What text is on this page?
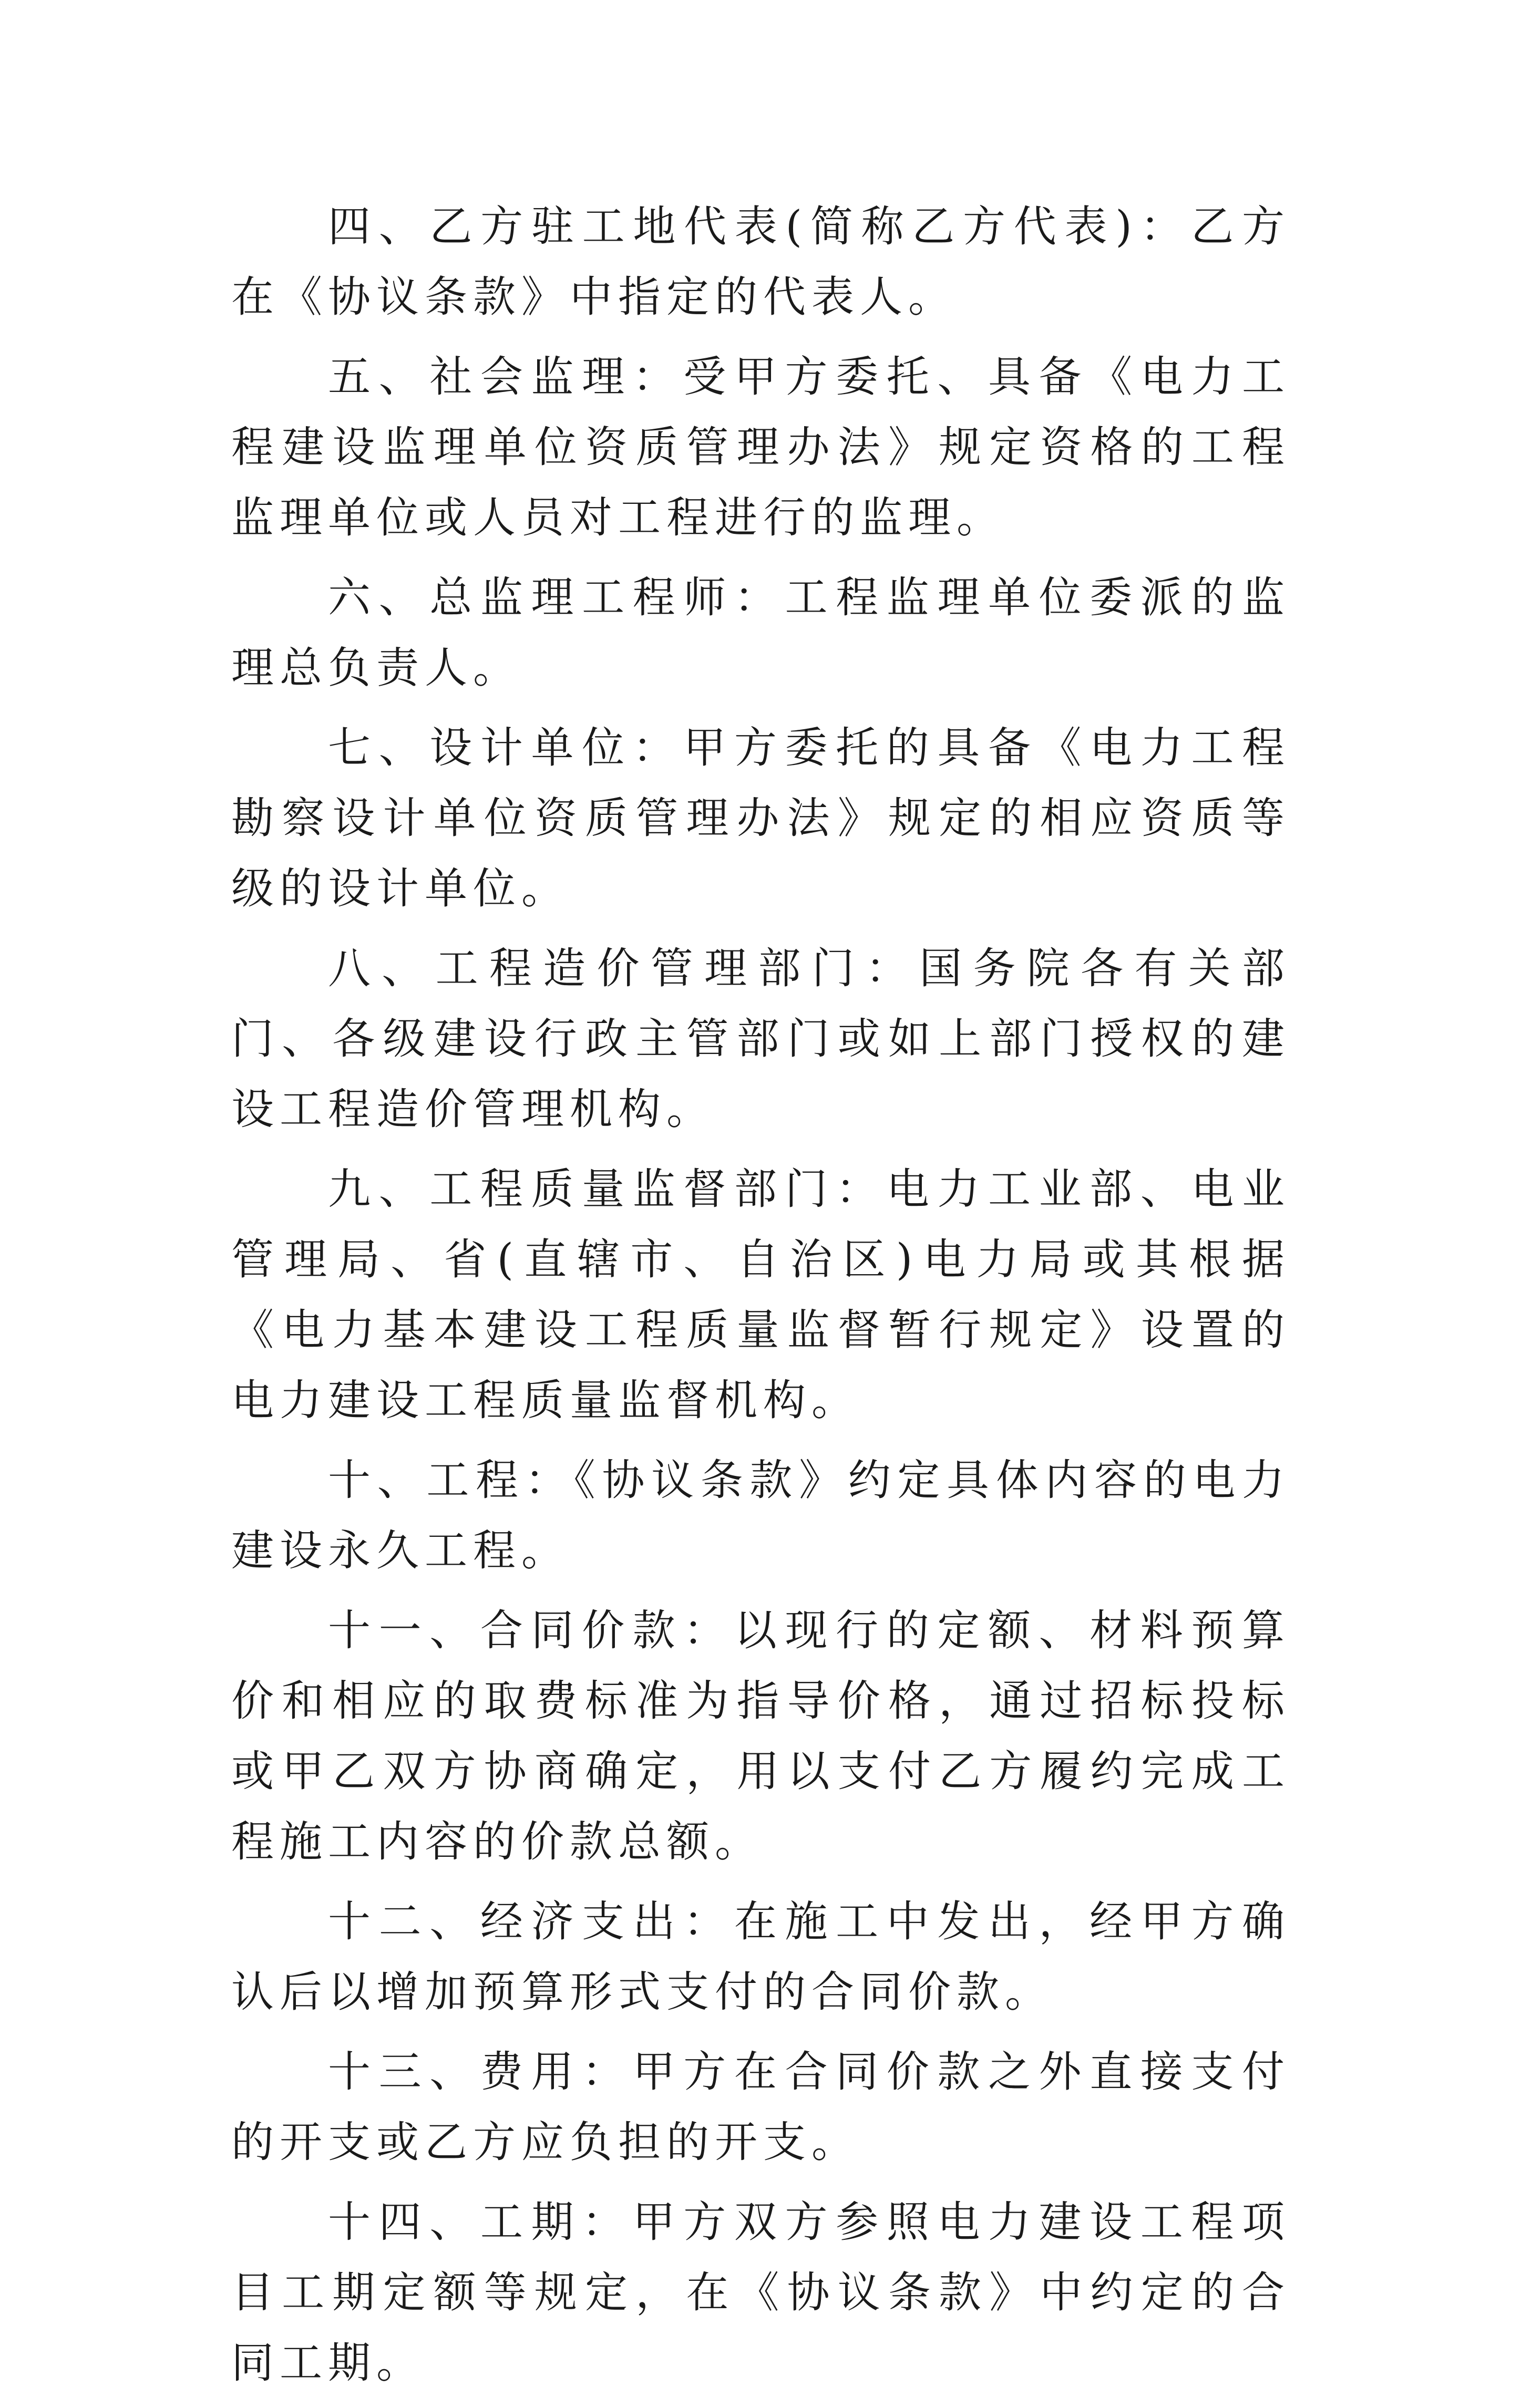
四、乙方驻工地代表(简称乙方代表)：乙方在《协议条款》中指定的代表人。

五、社会监理：受甲方委托、具备《电力工程建设监理单位资质管理办法》规定资格的工程监理单位或人员对工程进行的监理。

六、总监理工程师：工程监理单位委派的监理总负责人。

七、设计单位：甲方委托的具备《电力工程勘察设计单位资质管理办法》规定的相应资质等级的设计单位。

八、工程造价管理部门：国务院各有关部门、各级建设行政主管部门或如上部门授权的建设工程造价管理机构。

九、工程质量监督部门：电力工业部、电业管理局、省(直辖市、自治区)电力局或其根据《电力基本建设工程质量监督暂行规定》设置的电力建设工程质量监督机构。

十、工程：《协议条款》约定具体内容的电力建设永久工程。

十一、合同价款：以现行的定额、材料预算价和相应的取费标准为指导价格，通过招标投标或甲乙双方协商确定，用以支付乙方履约完成工程施工内容的价款总额。

十二、经济支出：在施工中发出，经甲方确认后以增加预算形式支付的合同价款。

十三、费用：甲方在合同价款之外直接支付的开支或乙方应负担的开支。

十四、工期：甲方双方参照电力建设工程项目工期定额等规定，在《协议条款》中约定的合同工期。
